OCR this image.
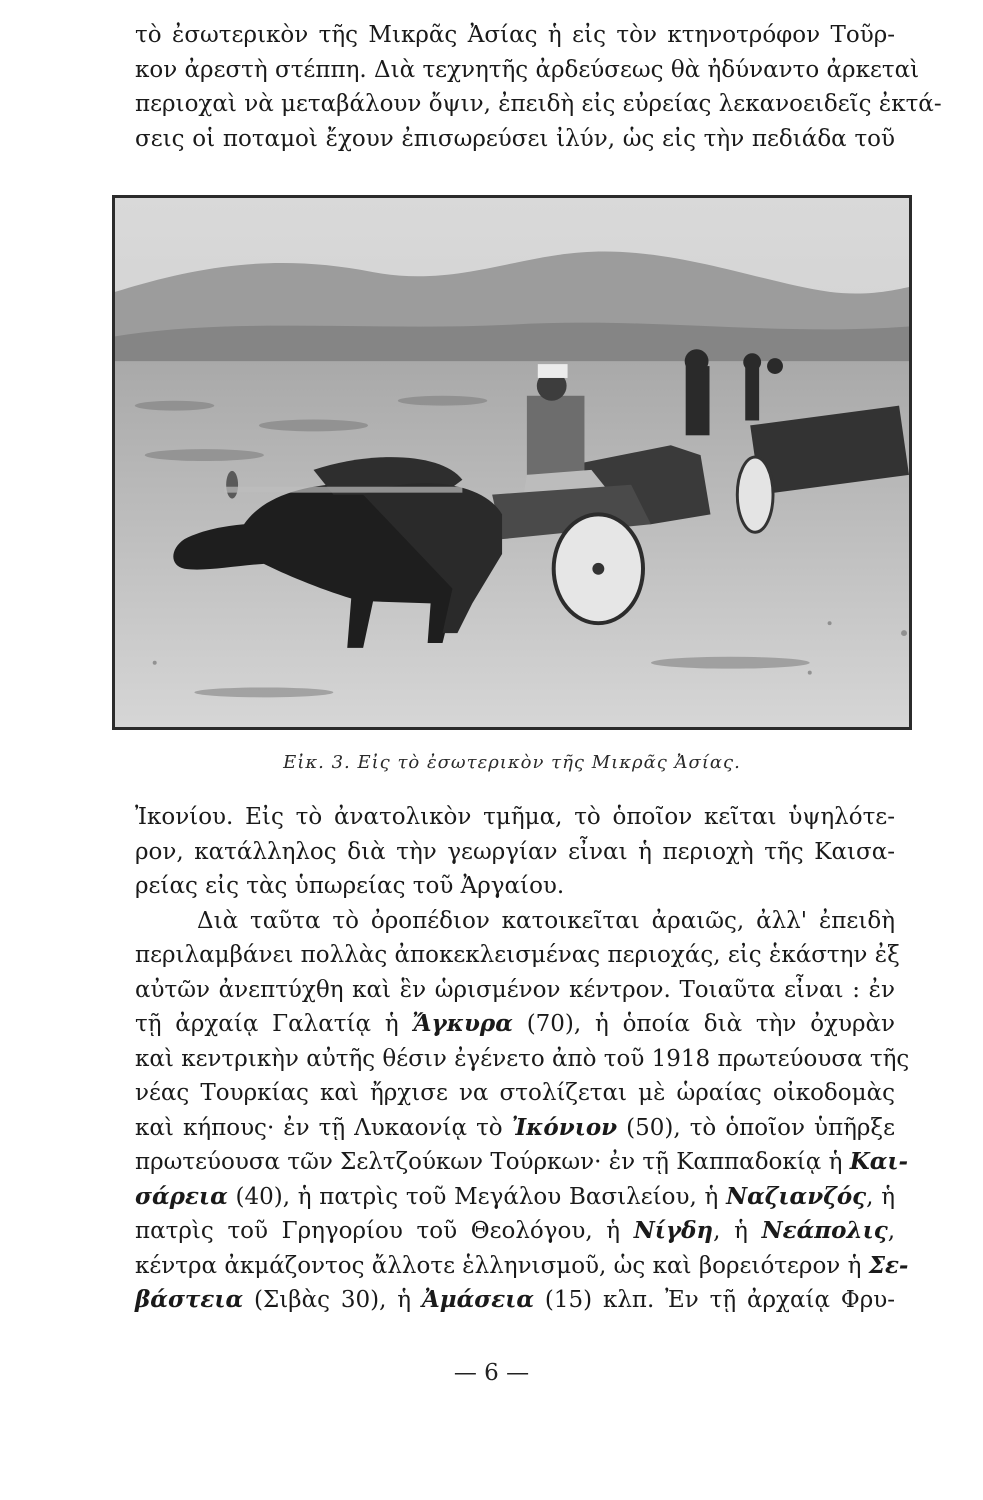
τὸ ἐσωτερικὸν τῆς Μικρᾶς Ἀσίας ἡ εἰς τὸν κτηνοτρόφον Τοῦρ-
κον ἀρεστὴ στέππη. Διὰ τεχνητῆς ἀρδεύσεως θὰ ἠδύναντο ἀρκεταὶ
περιοχαὶ νὰ μεταβάλουν ὄψιν, ἐπειδὴ εἰς εὐρείας λεκανοειδεῖς ἐκτά-
σεις οἱ ποταμοὶ ἔχουν ἐπισωρεύσει ἰλύν, ὡς εἰς τὴν πεδιάδα τοῦ
Εἰκ. 3. Εἰς τὸ ἐσωτερικὸν τῆς Μικρᾶς Ἀσίας.
Ἰκονίου. Εἰς τὸ ἀνατολικὸν τμῆμα, τὸ ὁποῖον κεῖται ὑψηλότε-
ρον, κατάλληλος διὰ τὴν γεωργίαν εἶναι ἡ περιοχὴ τῆς Καισα-
ρείας εἰς τὰς ὑπωρείας τοῦ Ἀργαίου.
Διὰ ταῦτα τὸ ὀροπέδιον κατοικεῖται ἀραιῶς, ἀλλ' ἐπειδὴ
περιλαμβάνει πολλὰς ἀποκεκλεισμένας περιοχάς, εἰς ἑκάστην ἐξ
αὐτῶν ἀνεπτύχθη καὶ ἓν ὡρισμένον κέντρον. Τοιαῦτα εἶναι : ἐν
τῇ ἀρχαίᾳ Γαλατίᾳ ἡ Ἄγκυρα (70), ἡ ὁποία διὰ τὴν ὀχυρὰν
καὶ κεντρικὴν αὐτῆς θέσιν ἐγένετο ἀπὸ τοῦ 1918 πρωτεύουσα τῆς
νέας Τουρκίας καὶ ἤρχισε να στολίζεται μὲ ὡραίας οἰκοδομὰς
καὶ κήπους· ἐν τῇ Λυκαονίᾳ τὸ Ἰκόνιον (50), τὸ ὁποῖον ὑπῆρξε
πρωτεύουσα τῶν Σελτζούκων Τούρκων· ἐν τῇ Καππαδοκίᾳ ἡ Και-
σάρεια (40), ἡ πατρὶς τοῦ Μεγάλου Βασιλείου, ἡ Ναζιανζός, ἡ
πατρὶς τοῦ Γρηγορίου τοῦ Θεολόγου, ἡ Νίγδη, ἡ Νεάπολις,
κέντρα ἀκμάζοντος ἄλλοτε ἑλληνισμοῦ, ὡς καὶ βορειότερον ἡ Σε-
βάστεια (Σιβὰς 30), ἡ Ἀμάσεια (15) κλπ. Ἐν τῇ ἀρχαίᾳ Φρυ-
— 6 —
